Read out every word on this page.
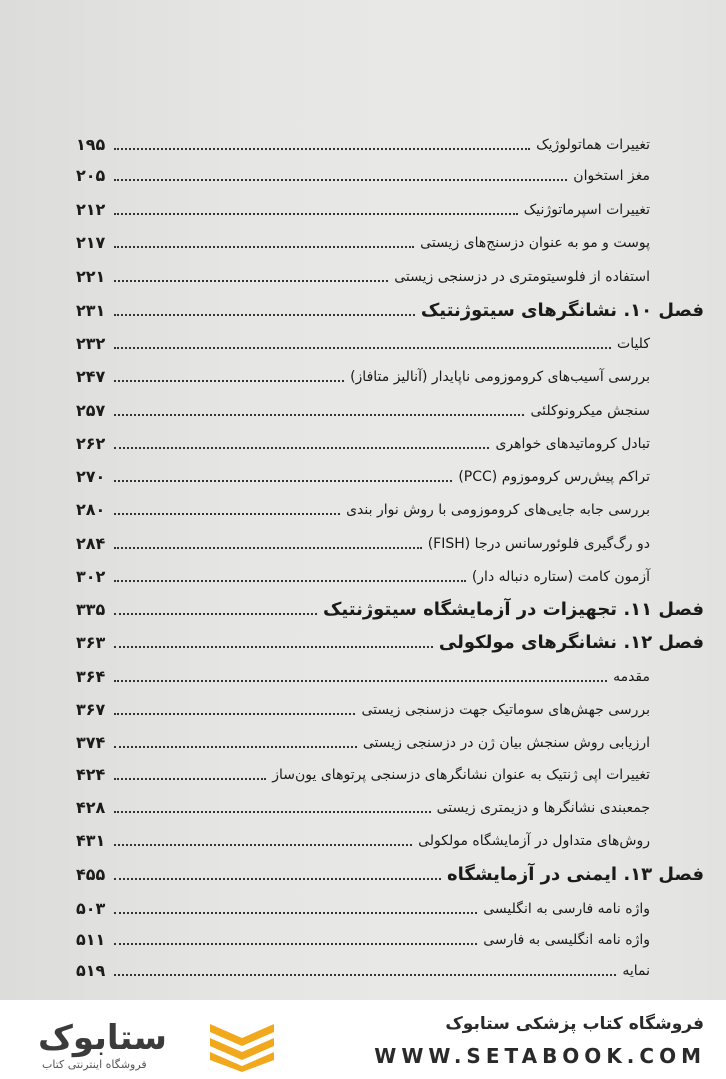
تغییرات هماتولوژیک
۱۹۵
مغز استخوان
۲۰۵
تغییرات اسپرماتوژنیک
۲۱۲
پوست و مو به عنوان دزسنج‌های زیستی
۲۱۷
استفاده از فلوسیتومتری در دزسنجی زیستی
۲۲۱
فصل ۱۰. نشانگرهای سیتوژنتیک
۲۳۱
کلیات
۲۳۲
بررسی آسیب‌های کروموزومی ناپایدار (آنالیز متافاز)
۲۴۷
سنجش میکرونوکلئی
۲۵۷
تبادل کروماتیدهای خواهری
۲۶۲
تراکم پیش‌رس کروموزوم (PCC)
۲۷۰
بررسی جابه جایی‌های کروموزومی با روش نوار بندی
۲۸۰
دو رگ‌گیری فلوئورسانس درجا (FISH)
۲۸۴
آزمون کامت (ستاره دنباله دار)
۳۰۲
فصل ۱۱. تجهیزات در آزمایشگاه سیتوژنتیک
۳۳۵
فصل ۱۲. نشانگرهای مولکولی
۳۶۳
مقدمه
۳۶۴
بررسی جهش‌های سوماتیک جهت دزسنجی زیستی
۳۶۷
ارزیابی روش سنجش بیان ژن در دزسنجی زیستی
۳۷۴
تغییرات اپی ژنتیک به عنوان نشانگرهای دزسنجی پرتوهای یون‌ساز
۴۲۴
جمعبندی نشانگرها و دزیمتری زیستی
۴۲۸
روش‌های متداول در آزمایشگاه مولکولی
۴۳۱
فصل ۱۳. ایمنی در آزمایشگاه
۴۵۵
واژه نامه فارسی به انگلیسی
۵۰۳
واژه نامه انگلیسی به فارسی
۵۱۱
نمایه
۵۱۹
ستابوک
فروشگاه اینترنتی کتاب
فروشگاه کتاب پزشکی ستابوک
WWW.SETABOOK.COM
